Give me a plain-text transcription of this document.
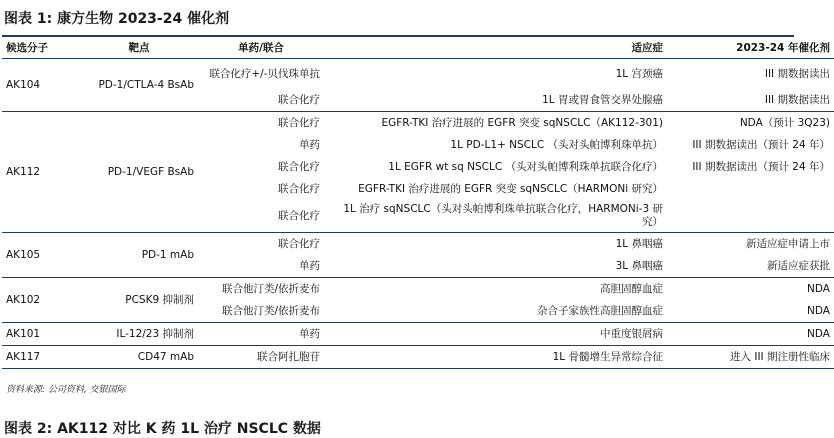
图表 1: 康方生物 2023-24 催化剂
候选分子	靶点	单药/联合	适应症	2023-24 年催化剂
AK104	PD-1/CTLA-4 BsAb	联合化疗+/-贝伐珠单抗	1L 宫颈癌	III 期数据读出
		联合化疗	1L 胃或胃食管交界处腺癌	III 期数据读出
AK112	PD-1/VEGF BsAb	联合化疗	EGFR-TKI 治疗进展的 EGFR 突变 sqNSCLC（AK112-301)	NDA（预计 3Q23)
		单药	1L PD-L1+ NSCLC （头对头帕博利珠单抗）	III 期数据读出（预计 24 年）
		联合化疗	1L EGFR wt sq NSCLC （头对头帕博利珠单抗联合化疗）	III 期数据读出（预计 24 年）
		联合化疗	EGFR-TKI 治疗进展的 EGFR 突变 sqNSCLC（HARMONi 研究）	
		联合化疗	1L 治疗 sqNSCLC（头对头帕博利珠单抗联合化疗，HARMONi-3 研究）	
AK105	PD-1 mAb	联合化疗	1L 鼻咽癌	新适应症申请上市
		单药	3L 鼻咽癌	新适应症获批
AK102	PCSK9 抑制剂	联合他汀类/依折麦布	高胆固醇血症	NDA
		联合他汀类/依折麦布	杂合子家族性高胆固醇血症	NDA
AK101	IL-12/23 抑制剂	单药	中重度银屑病	NDA
AK117	CD47 mAb	联合阿扎胞苷	1L 骨髓增生异常综合征	进入 III 期注册性临床
资料来源: 公司资料, 交银国际
图表 2: AK112 对比 K 药 1L 治疗 NSCLC 数据
